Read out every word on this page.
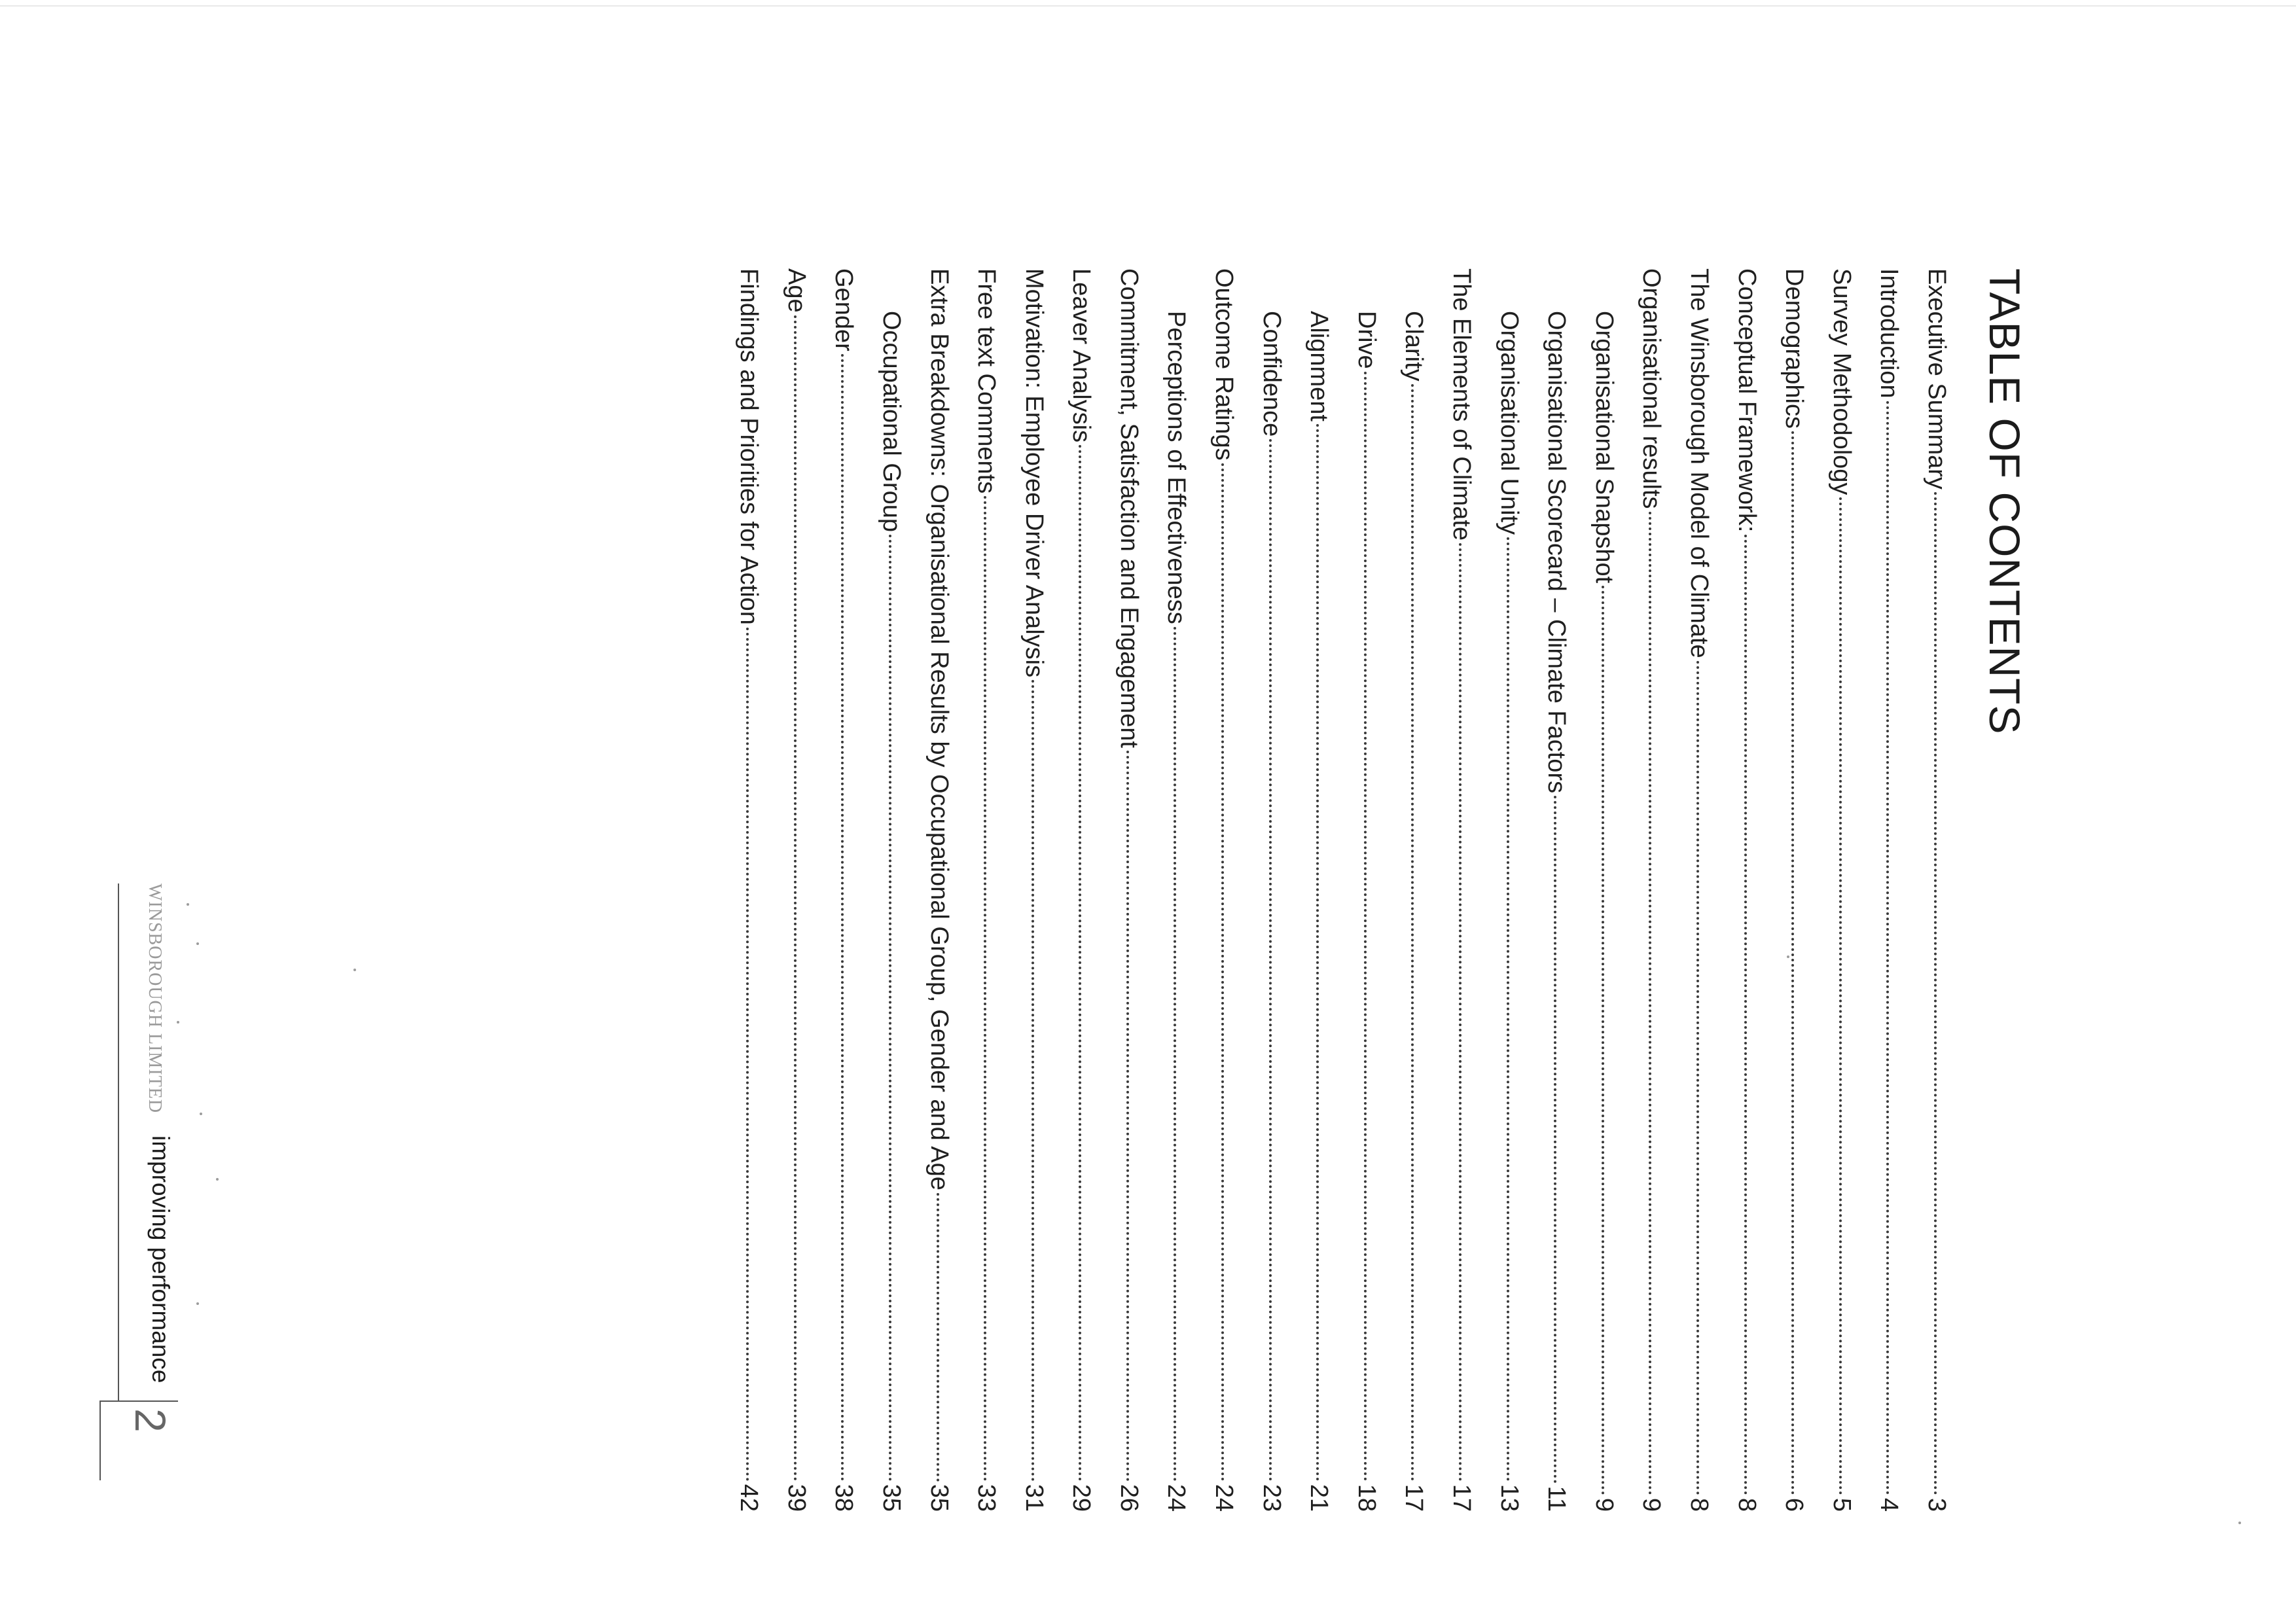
TABLE OF CONTENTS
Executive Summary
3
Introduction
4
Survey Methodology
5
Demographics
6
Conceptual Framework:
8
The Winsborough Model of Climate
8
Organisational results
9
Organisational Snapshot
9
Organisational Scorecard – Climate Factors
11
Organisational Unity
13
The Elements of Climate
17
Clarity
17
Drive
18
Alignment
21
Confidence
23
Outcome Ratings
24
Perceptions of Effectiveness
24
Commitment, Satisfaction and Engagement
26
Leaver Analysis
29
Motivation: Employee Driver Analysis
31
Free text Comments
33
Extra Breakdowns: Organisational Results by Occupational Group, Gender and Age
35
Occupational Group
35
Gender
38
Age
39
Findings and Priorities for Action
42
WINSBOROUGH LIMITED
improving performance
2
